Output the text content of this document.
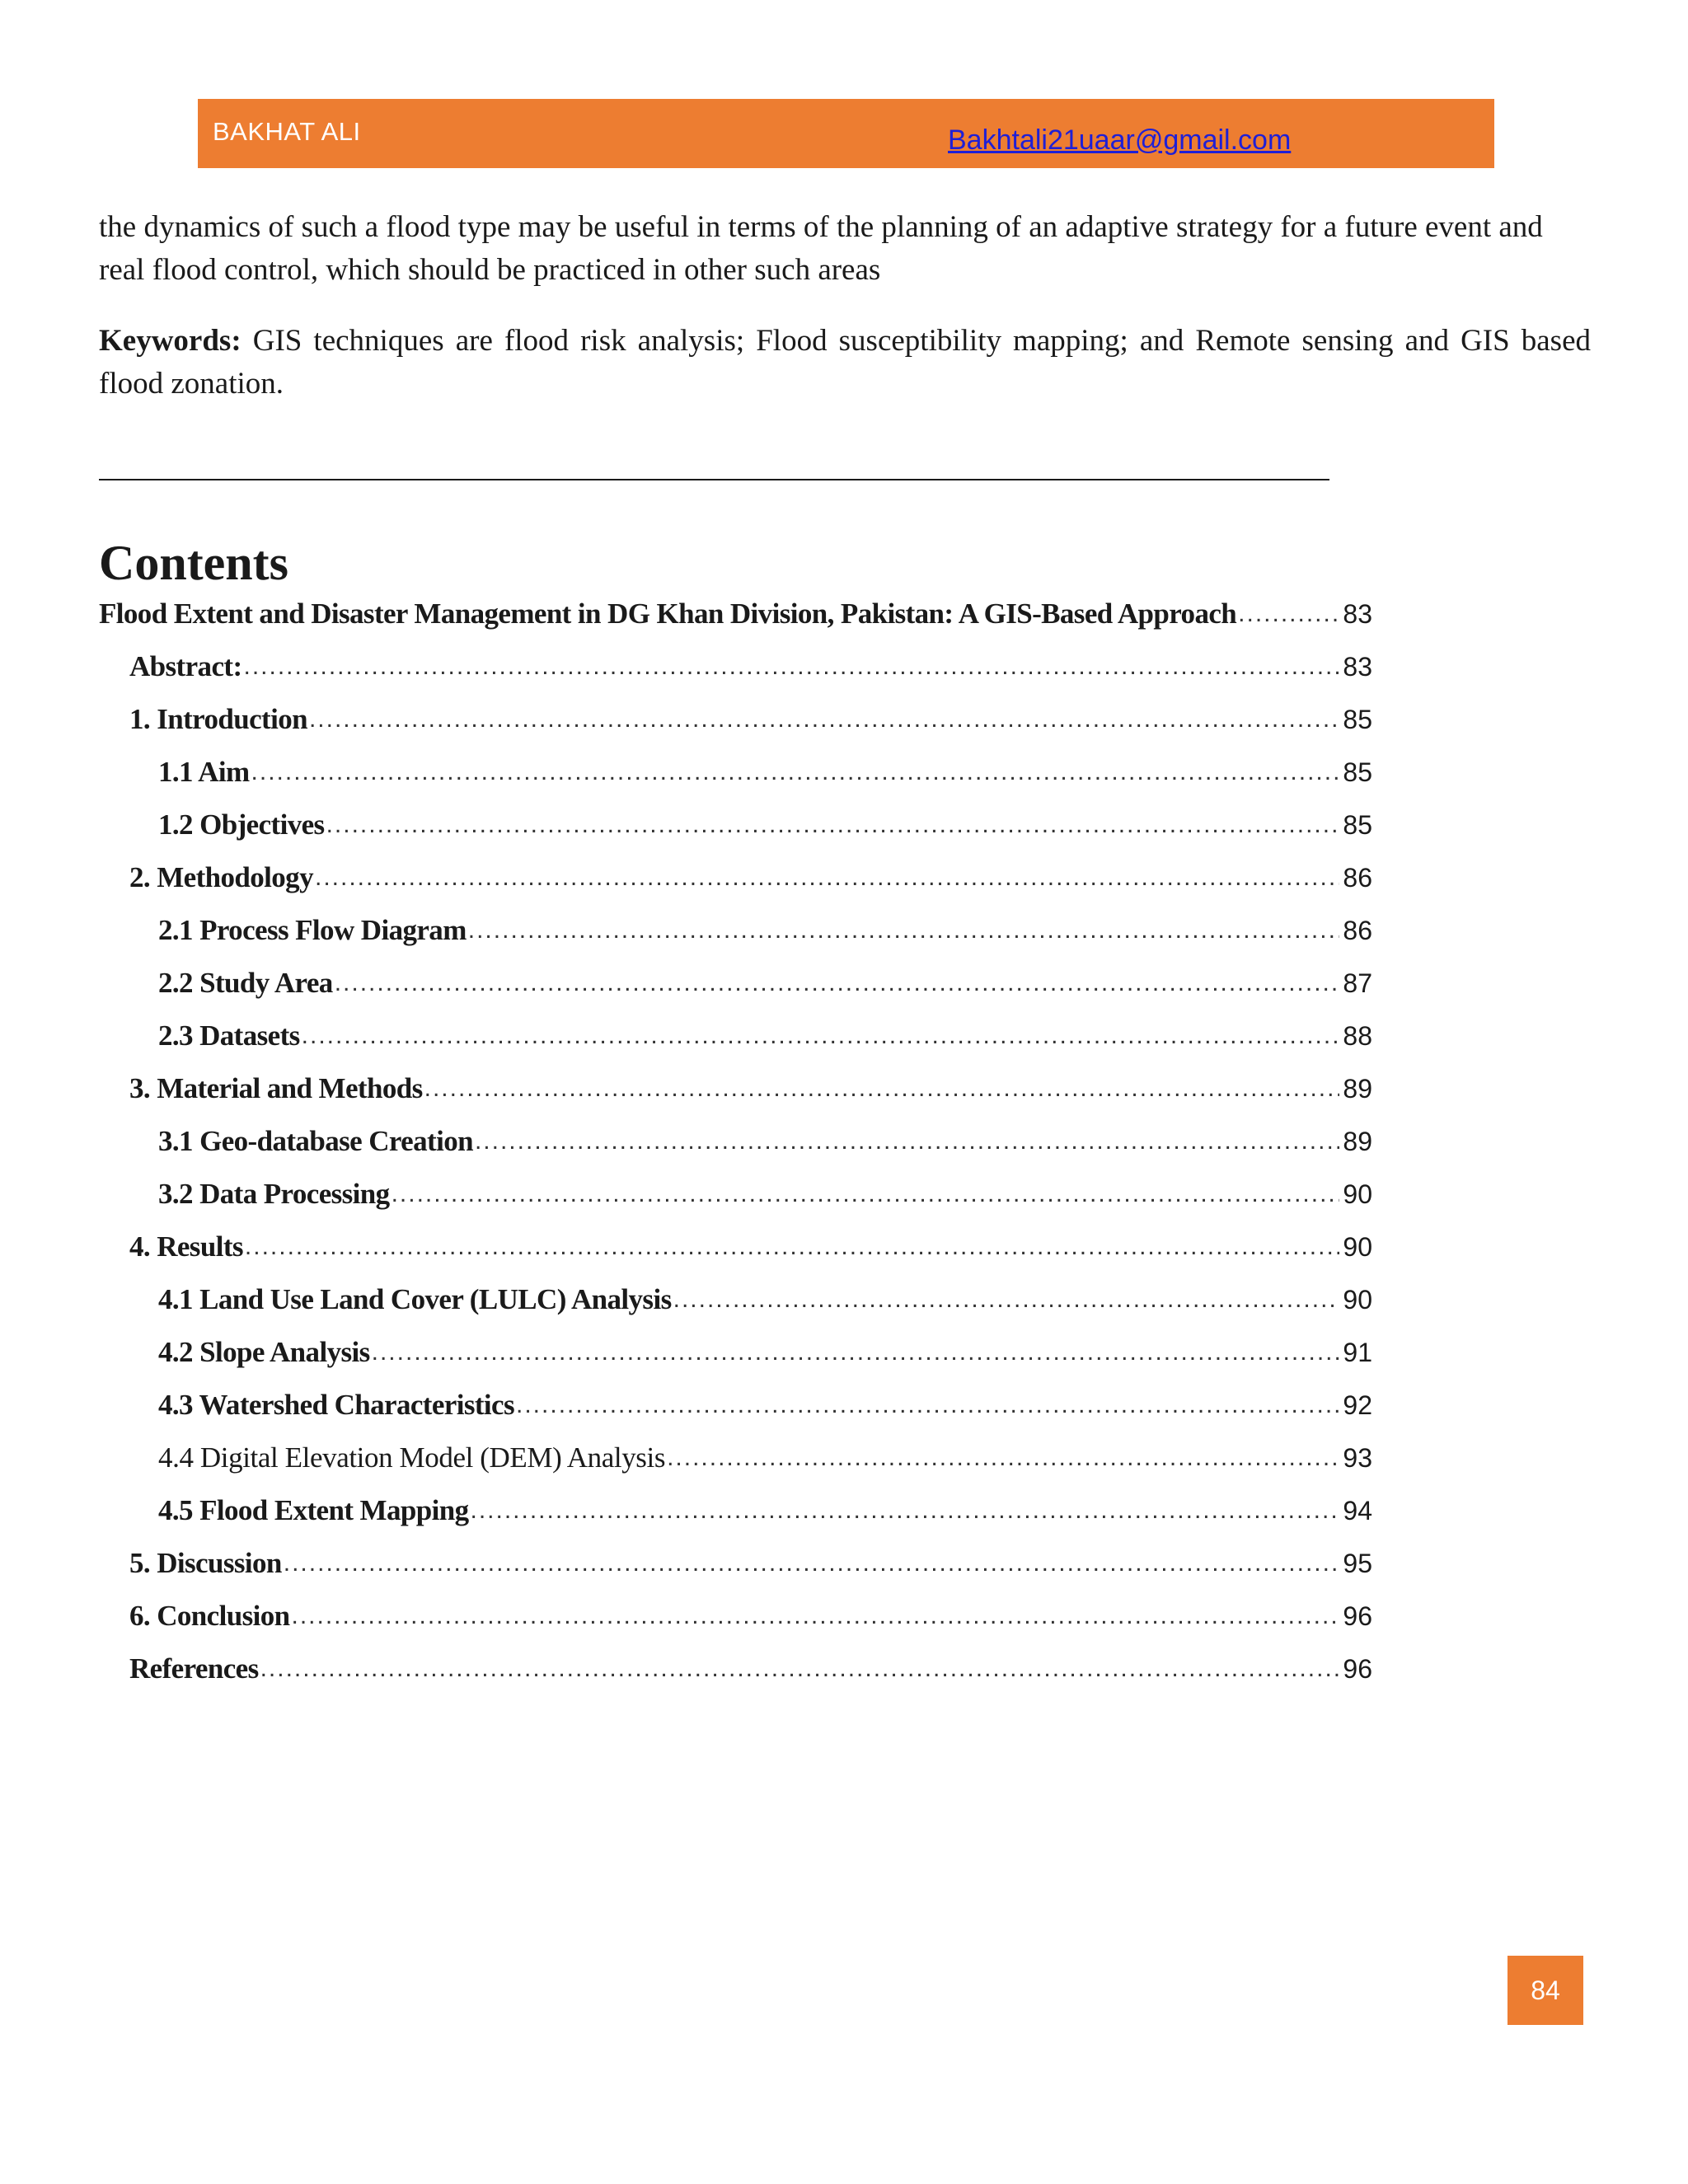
BAKHAT ALI	Bakhtali21uaar@gmail.com

the dynamics of such a flood type may be useful in terms of the planning of an adaptive strategy for a future event and real flood control, which should be practiced in other such areas

Keywords: GIS techniques are flood risk analysis; Flood susceptibility mapping; and Remote sensing and GIS based flood zonation.

Contents
Flood Extent and Disaster Management in DG Khan Division, Pakistan: A GIS-Based Approach .....	83
Abstract: .....	83
1. Introduction .....	85
1.1 Aim .....	85
1.2 Objectives .....	85
2. Methodology .....	86
2.1 Process Flow Diagram .....	86
2.2 Study Area .....	87
2.3 Datasets .....	88
3. Material and Methods .....	89
3.1 Geo-database Creation .....	89
3.2 Data Processing .....	90
4. Results .....	90
4.1 Land Use Land Cover (LULC) Analysis .....	90
4.2 Slope Analysis .....	91
4.3 Watershed Characteristics .....	92
4.4 Digital Elevation Model (DEM) Analysis .....	93
4.5 Flood Extent Mapping .....	94
5. Discussion .....	95
6. Conclusion .....	96
References .....	96
84
